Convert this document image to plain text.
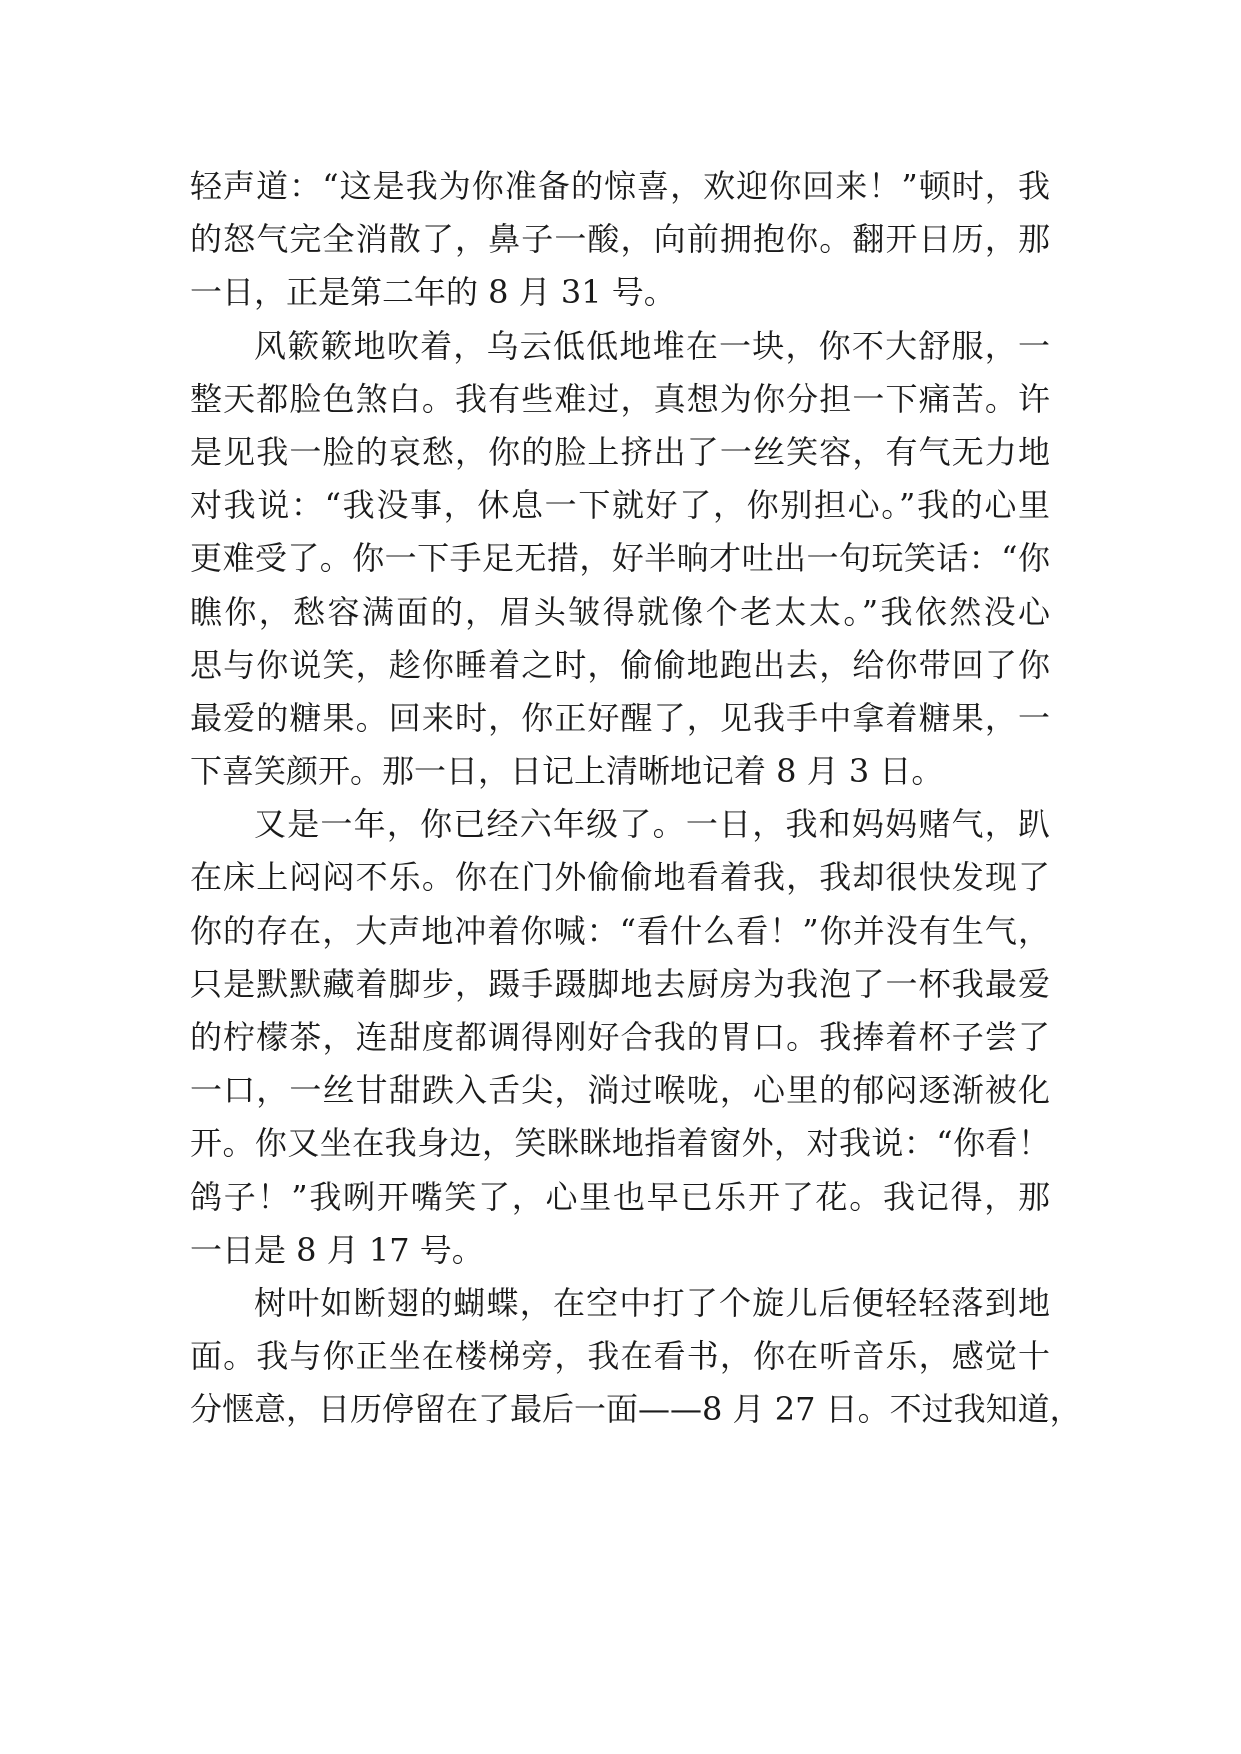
轻声道：“这是我为你准备的惊喜，欢迎你回来！”顿时，我
的怒气完全消散了，鼻子一酸，向前拥抱你。翻开日历，那
一日，正是第二年的 8 月 31 号。
风簌簌地吹着，乌云低低地堆在一块，你不大舒服，一
整天都脸色煞白。我有些难过，真想为你分担一下痛苦。许
是见我一脸的哀愁，你的脸上挤出了一丝笑容，有气无力地
对我说：“我没事，休息一下就好了，你别担心。”我的心里
更难受了。你一下手足无措，好半晌才吐出一句玩笑话：“你
瞧你，愁容满面的，眉头皱得就像个老太太。”我依然没心
思与你说笑，趁你睡着之时，偷偷地跑出去，给你带回了你
最爱的糖果。回来时，你正好醒了，见我手中拿着糖果，一
下喜笑颜开。那一日，日记上清晰地记着 8 月 3 日。
又是一年，你已经六年级了。一日，我和妈妈赌气，趴
在床上闷闷不乐。你在门外偷偷地看着我，我却很快发现了
你的存在，大声地冲着你喊：“看什么看！”你并没有生气，
只是默默藏着脚步，蹑手蹑脚地去厨房为我泡了一杯我最爱
的柠檬茶，连甜度都调得刚好合我的胃口。我捧着杯子尝了
一口，一丝甘甜跌入舌尖，淌过喉咙，心里的郁闷逐渐被化
开。你又坐在我身边，笑眯眯地指着窗外，对我说：“你看！
鸽子！”我咧开嘴笑了，心里也早已乐开了花。我记得，那
一日是 8 月 17 号。
树叶如断翅的蝴蝶，在空中打了个旋儿后便轻轻落到地
面。我与你正坐在楼梯旁，我在看书，你在听音乐，感觉十
分惬意，日历停留在了最后一面——8 月 27 日。不过我知道，
